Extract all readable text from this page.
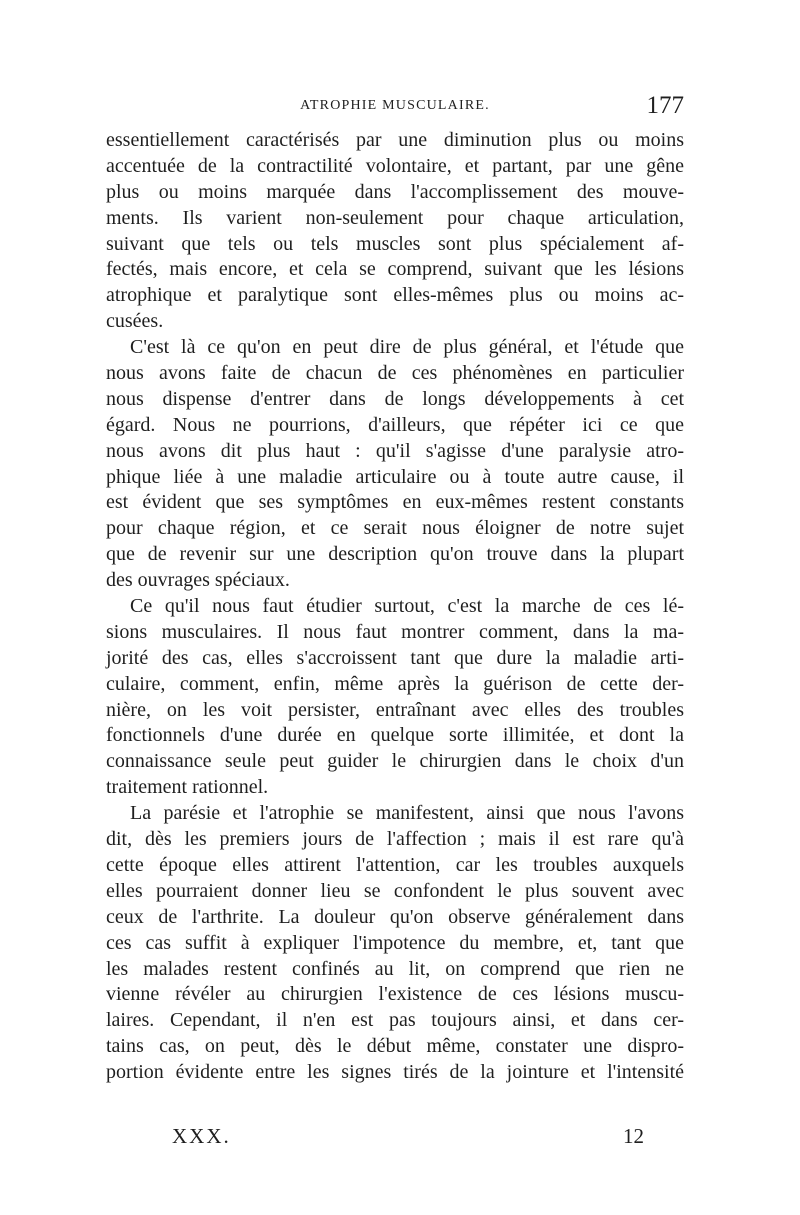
ATROPHIE MUSCULAIRE.	177
essentiellement caractérisés par une diminution plus ou moins
accentuée de la contractilité volontaire, et partant, par une gêne
plus ou moins marquée dans l'accomplissement des mouve-
ments. Ils varient non-seulement pour chaque articulation,
suivant que tels ou tels muscles sont plus spécialement af-
fectés, mais encore, et cela se comprend, suivant que les lésions
atrophique et paralytique sont elles-mêmes plus ou moins ac-
cusées.
C'est là ce qu'on en peut dire de plus général, et l'étude que
nous avons faite de chacun de ces phénomènes en particulier
nous dispense d'entrer dans de longs développements à cet
égard. Nous ne pourrions, d'ailleurs, que répéter ici ce que
nous avons dit plus haut : qu'il s'agisse d'une paralysie atro-
phique liée à une maladie articulaire ou à toute autre cause, il
est évident que ses symptômes en eux-mêmes restent constants
pour chaque région, et ce serait nous éloigner de notre sujet
que de revenir sur une description qu'on trouve dans la plupart
des ouvrages spéciaux.
Ce qu'il nous faut étudier surtout, c'est la marche de ces lé-
sions musculaires. Il nous faut montrer comment, dans la ma-
jorité des cas, elles s'accroissent tant que dure la maladie arti-
culaire, comment, enfin, même après la guérison de cette der-
nière, on les voit persister, entraînant avec elles des troubles
fonctionnels d'une durée en quelque sorte illimitée, et dont la
connaissance seule peut guider le chirurgien dans le choix d'un
traitement rationnel.
La parésie et l'atrophie se manifestent, ainsi que nous l'avons
dit, dès les premiers jours de l'affection ; mais il est rare qu'à
cette époque elles attirent l'attention, car les troubles auxquels
elles pourraient donner lieu se confondent le plus souvent avec
ceux de l'arthrite. La douleur qu'on observe généralement dans
ces cas suffit à expliquer l'impotence du membre, et, tant que
les malades restent confinés au lit, on comprend que rien ne
vienne révéler au chirurgien l'existence de ces lésions muscu-
laires. Cependant, il n'en est pas toujours ainsi, et dans cer-
tains cas, on peut, dès le début même, constater une dispro-
portion évidente entre les signes tirés de la jointure et l'intensité
XXX.	12
